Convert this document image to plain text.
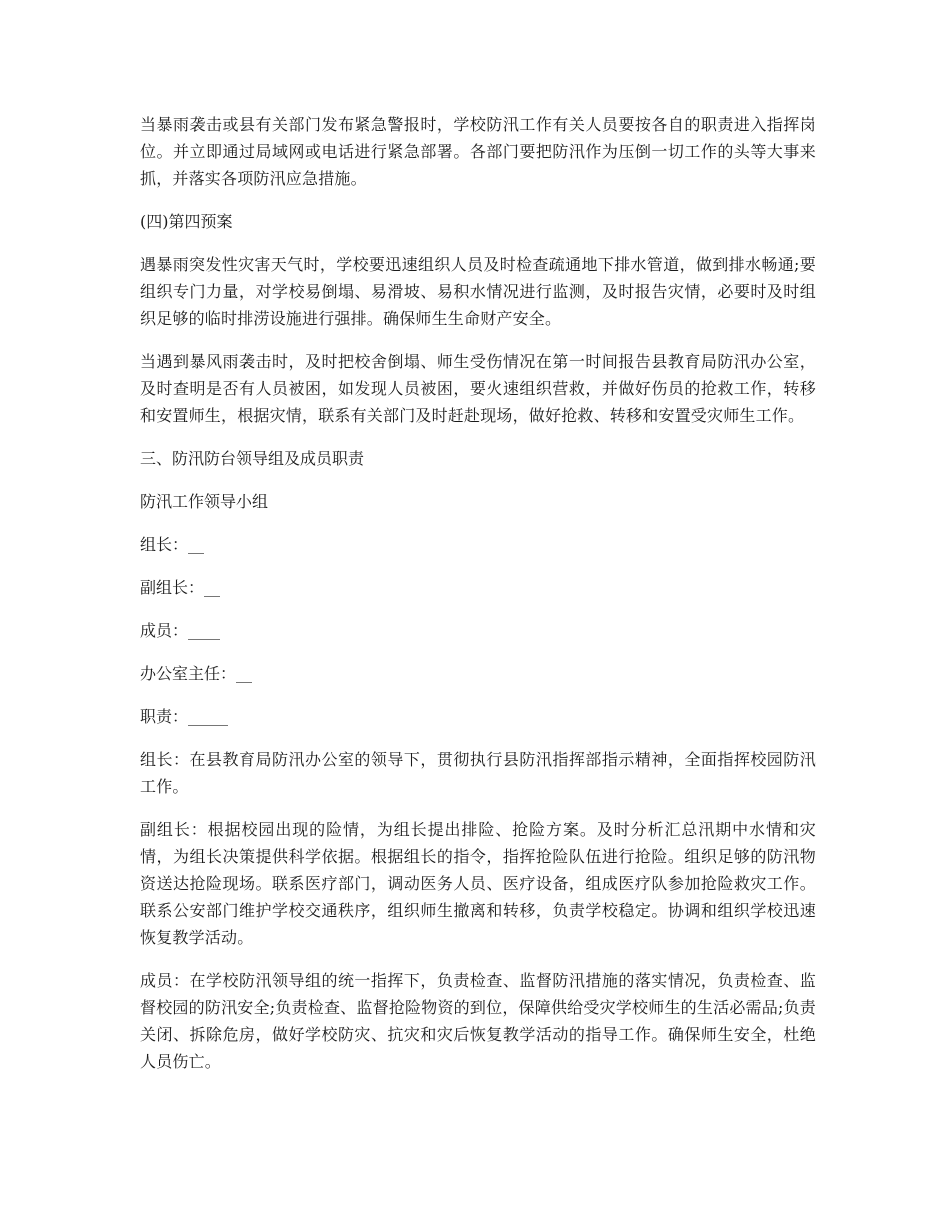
当暴雨袭击或县有关部门发布紧急警报时，学校防汛工作有关人员要按各自的职责进入指挥岗位。并立即通过局域网或电话进行紧急部署。各部门要把防汛作为压倒一切工作的头等大事来抓，并落实各项防汛应急措施。

(四)第四预案

遇暴雨突发性灾害天气时，学校要迅速组织人员及时检查疏通地下排水管道，做到排水畅通;要组织专门力量，对学校易倒塌、易滑坡、易积水情况进行监测，及时报告灾情，必要时及时组织足够的临时排涝设施进行强排。确保师生生命财产安全。

当遇到暴风雨袭击时，及时把校舍倒塌、师生受伤情况在第一时间报告县教育局防汛办公室，及时查明是否有人员被困，如发现人员被困，要火速组织营救，并做好伤员的抢救工作，转移和安置师生，根据灾情，联系有关部门及时赶赴现场，做好抢救、转移和安置受灾师生工作。

三、防汛防台领导组及成员职责

防汛工作领导小组

组长：__

副组长：__

成员：____

办公室主任：__

职责：_____

组长：在县教育局防汛办公室的领导下，贯彻执行县防汛指挥部指示精神，全面指挥校园防汛工作。

副组长：根据校园出现的险情，为组长提出排险、抢险方案。及时分析汇总汛期中水情和灾情，为组长决策提供科学依据。根据组长的指令，指挥抢险队伍进行抢险。组织足够的防汛物资送达抢险现场。联系医疗部门，调动医务人员、医疗设备，组成医疗队参加抢险救灾工作。联系公安部门维护学校交通秩序，组织师生撤离和转移，负责学校稳定。协调和组织学校迅速恢复教学活动。

成员：在学校防汛领导组的统一指挥下，负责检查、监督防汛措施的落实情况，负责检查、监督校园的防汛安全;负责检查、监督抢险物资的到位，保障供给受灾学校师生的生活必需品;负责关闭、拆除危房，做好学校防灾、抗灾和灾后恢复教学活动的指导工作。确保师生安全，杜绝人员伤亡。
